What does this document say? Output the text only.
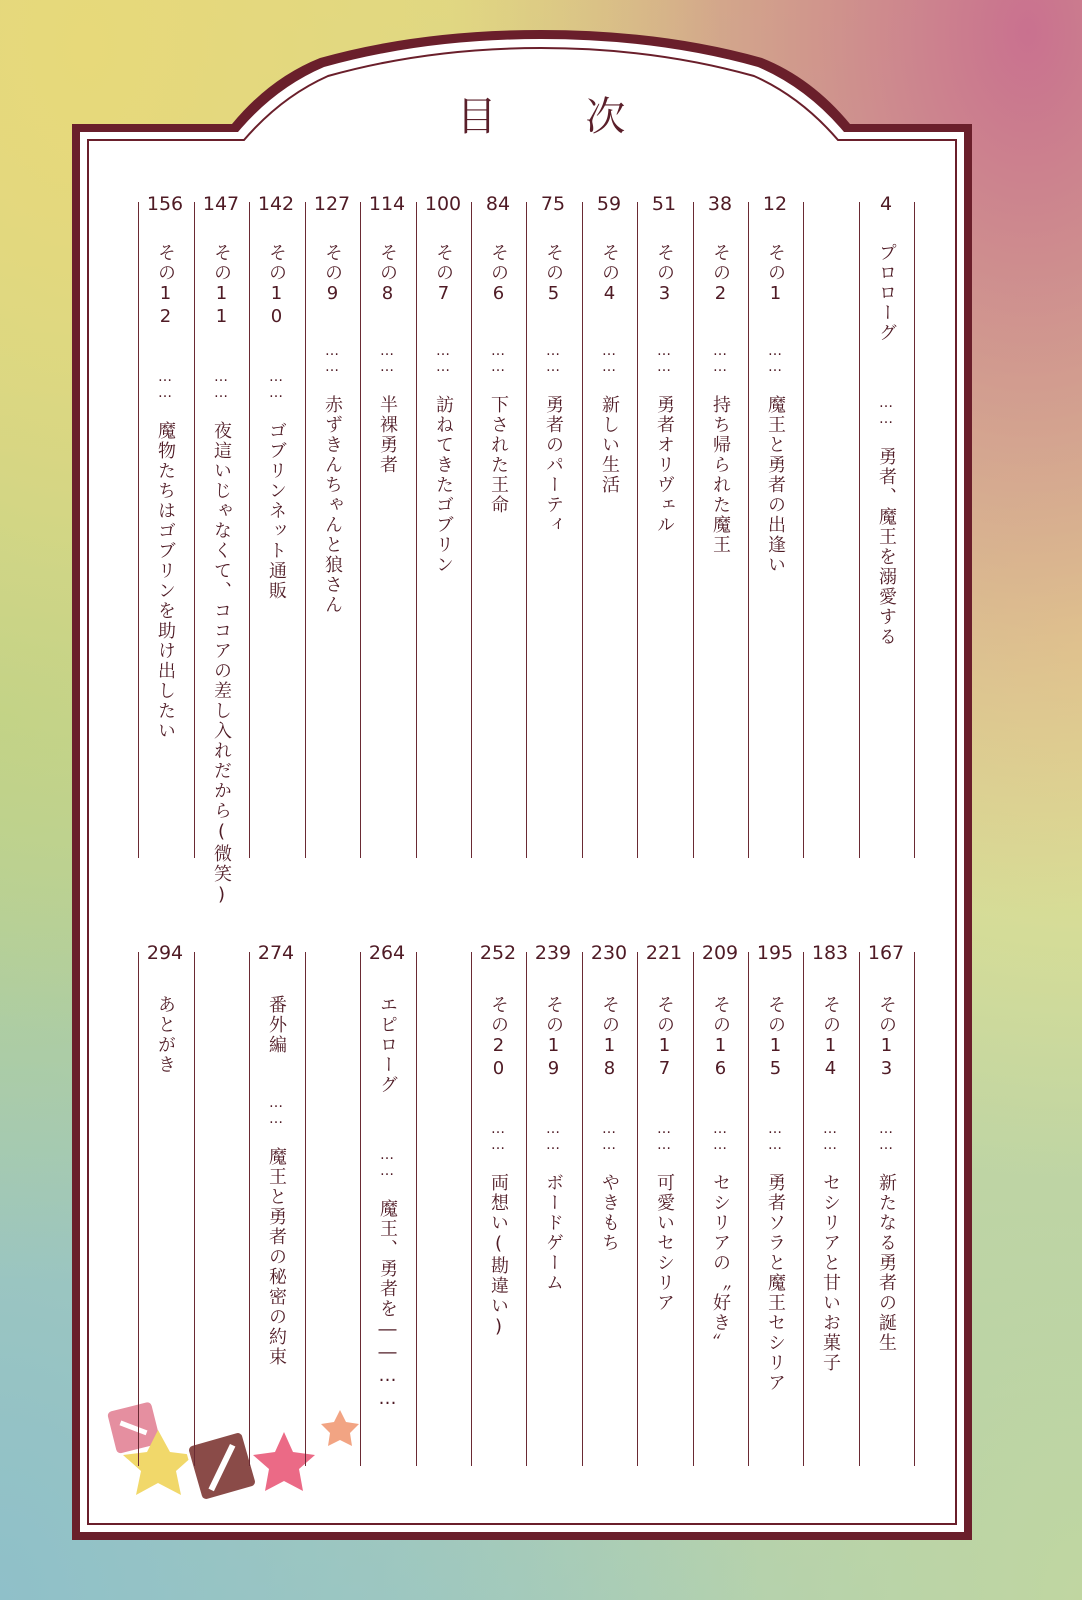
目 次
4
プロローグ
……
勇者、魔王を溺愛する
12
その1
……
魔王と勇者の出逢い
38
その2
……
持ち帰られた魔王
51
その3
……
勇者オリヴェル
59
その4
……
新しい生活
75
その5
……
勇者のパーティ
84
その6
……
下された王命
100
その7
……
訪ねてきたゴブリン
114
その8
……
半裸勇者
127
その9
……
赤ずきんちゃんと狼さん
142
その10
……
ゴブリンネット通販
147
その11
……
夜這いじゃなくて、ココアの差し入れだから(微笑)
156
その12
……
魔物たちはゴブリンを助け出したい
167
その13
……
新たなる勇者の誕生
183
その14
……
セシリアと甘いお菓子
195
その15
……
勇者ソラと魔王セシリア
209
その16
……
セシリアの〝好き〟
221
その17
……
可愛いセシリア
230
その18
……
やきもち
239
その19
……
ボードゲーム
252
その20
……
両想い(勘違い)
264
エピローグ
……
魔王、勇者を――……
274
番外編
……
魔王と勇者の秘密の約束
294
あとがき
